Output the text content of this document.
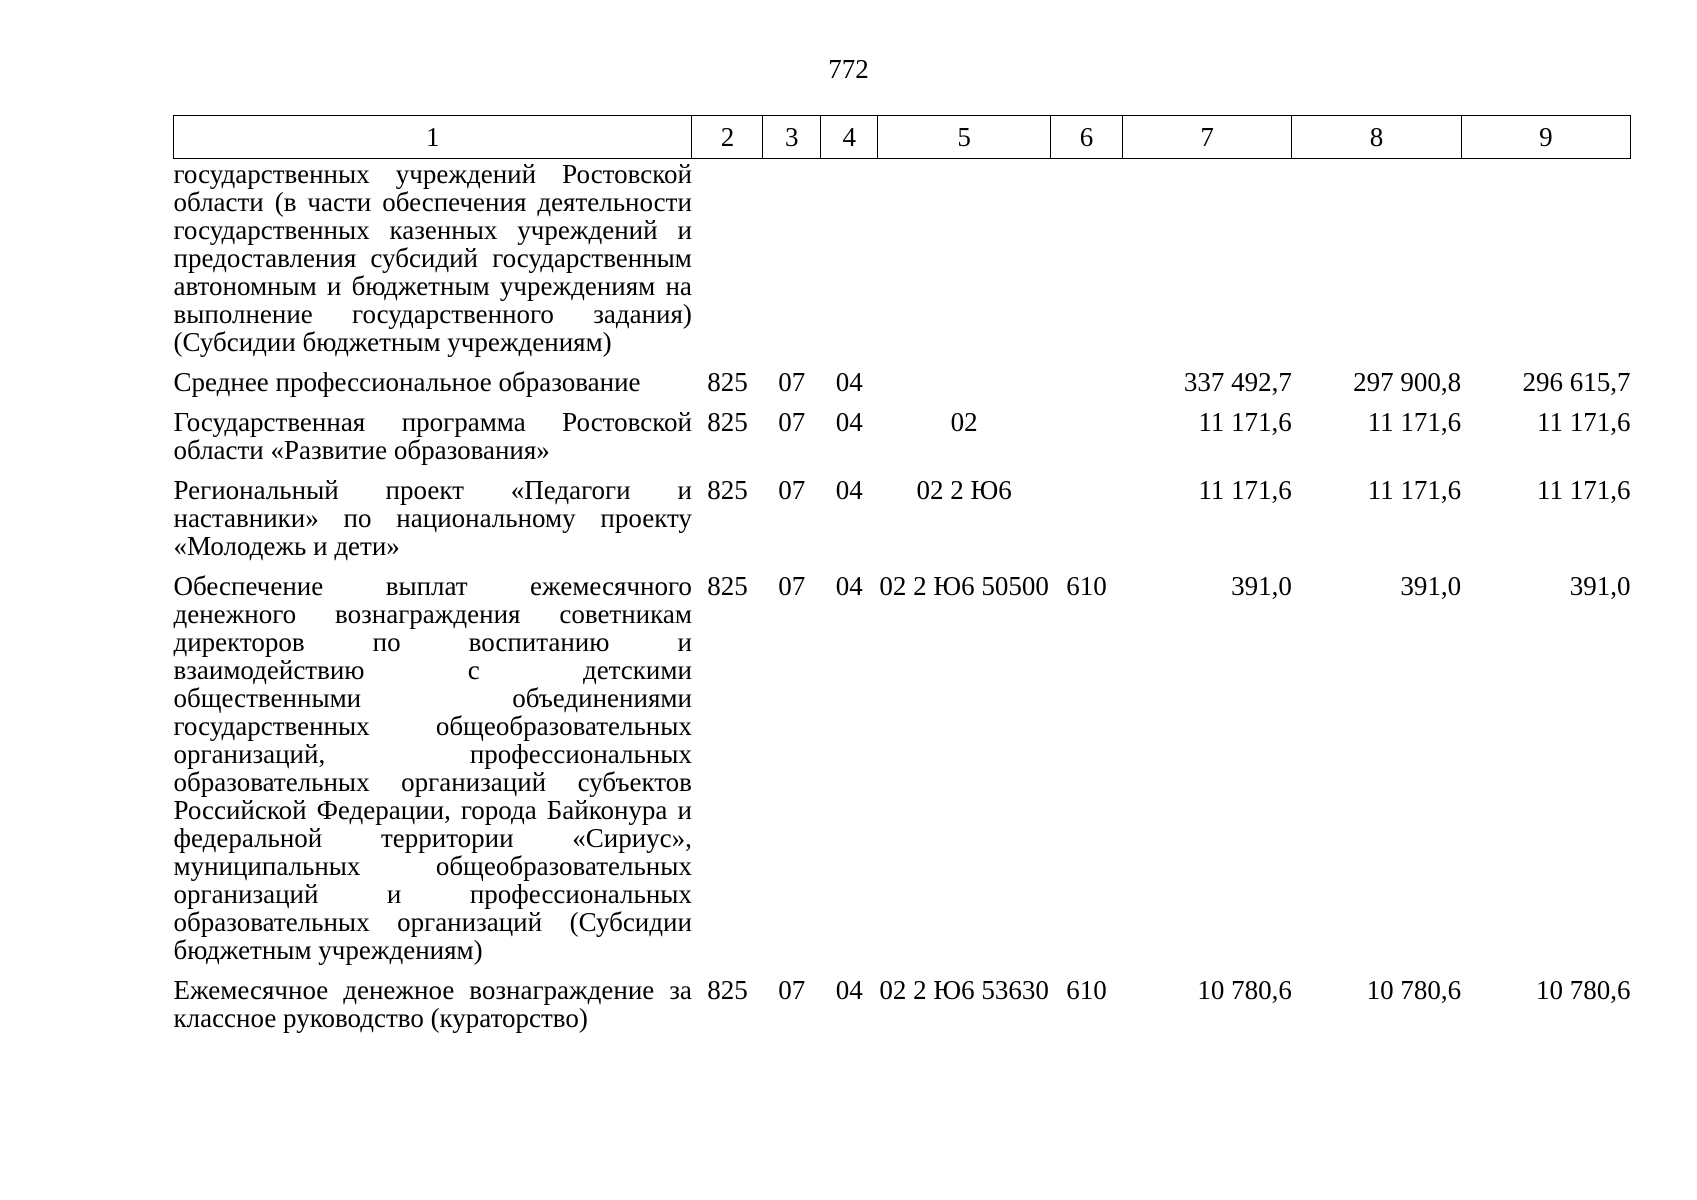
772
1	2	3	4	5	6	7	8	9
государственных учреждений Ростовской области (в части обеспечения деятельности государственных казенных учреждений и предоставления субсидий государственным автономным и бюджетным учреждениям на выполнение государственного задания) (Субсидии бюджетным учреждениям)								
Среднее профессиональное образование	825	07	04			337 492,7	297 900,8	296 615,7
Государственная программа Ростовской области «Развитие образования»	825	07	04	02		11 171,6	11 171,6	11 171,6
Региональный проект «Педагоги и наставники» по национальному проекту «Молодежь и дети»	825	07	04	02 2 Ю6		11 171,6	11 171,6	11 171,6
Обеспечение выплат ежемесячного денежного вознаграждения советникам директоров по воспитанию и взаимодействию с детскими общественными объединениями государственных общеобразовательных организаций, профессиональных образовательных организаций субъектов Российской Федерации, города Байконура и федеральной территории «Сириус», муниципальных общеобразовательных организаций и профессиональных образовательных организаций (Субсидии бюджетным учреждениям)	825	07	04	02 2 Ю6 50500	610	391,0	391,0	391,0
Ежемесячное денежное вознаграждение за классное руководство (кураторство)	825	07	04	02 2 Ю6 53630	610	10 780,6	10 780,6	10 780,6
